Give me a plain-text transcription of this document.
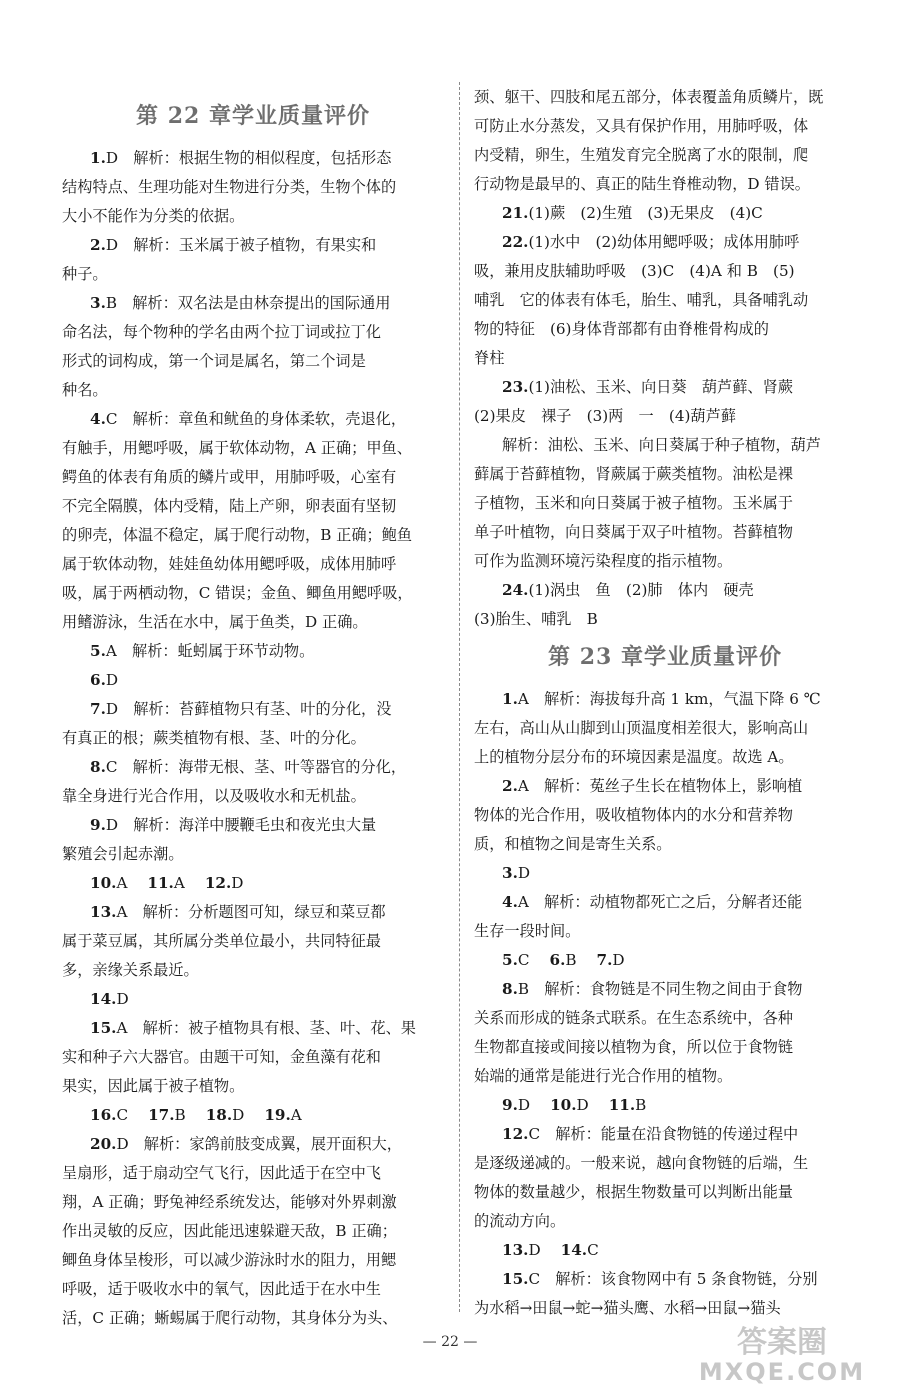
第 22 章学业质量评价
1.D　解析：根据生物的相似程度，包括形态
结构特点、生理功能对生物进行分类，生物个体的
大小不能作为分类的依据。
2.D　解析：玉米属于被子植物，有果实和
种子。
3.B　解析：双名法是由林奈提出的国际通用
命名法，每个物种的学名由两个拉丁词或拉丁化
形式的词构成，第一个词是属名，第二个词是
种名。
4.C　解析：章鱼和鱿鱼的身体柔软，壳退化，
有触手，用鳃呼吸，属于软体动物，A 正确；甲鱼、
鳄鱼的体表有角质的鳞片或甲，用肺呼吸，心室有
不完全隔膜，体内受精，陆上产卵，卵表面有坚韧
的卵壳，体温不稳定，属于爬行动物，B 正确；鲍鱼
属于软体动物，娃娃鱼幼体用鳃呼吸，成体用肺呼
吸，属于两栖动物，C 错误；金鱼、鲫鱼用鳃呼吸，
用鳍游泳，生活在水中，属于鱼类，D 正确。
5.A　解析：蚯蚓属于环节动物。
6.D
7.D　解析：苔藓植物只有茎、叶的分化，没
有真正的根；蕨类植物有根、茎、叶的分化。
8.C　解析：海带无根、茎、叶等器官的分化，
靠全身进行光合作用，以及吸收水和无机盐。
9.D　解析：海洋中腰鞭毛虫和夜光虫大量
繁殖会引起赤潮。
10.A　 11.A　 12.D
13.A　解析：分析题图可知，绿豆和菜豆都
属于菜豆属，其所属分类单位最小，共同特征最
多，亲缘关系最近。
14.D
15.A　解析：被子植物具有根、茎、叶、花、果
实和种子六大器官。由题干可知，金鱼藻有花和
果实，因此属于被子植物。
16.C　 17.B　 18.D　 19.A
20.D　解析：家鸽前肢变成翼，展开面积大，
呈扇形，适于扇动空气飞行，因此适于在空中飞
翔，A 正确；野兔神经系统发达，能够对外界刺激
作出灵敏的反应，因此能迅速躲避天敌，B 正确；
鲫鱼身体呈梭形，可以减少游泳时水的阻力，用鳃
呼吸，适于吸收水中的氧气，因此适于在水中生
活，C 正确；蜥蜴属于爬行动物，其身体分为头、
颈、躯干、四肢和尾五部分，体表覆盖角质鳞片，既
可防止水分蒸发，又具有保护作用，用肺呼吸，体
内受精，卵生，生殖发育完全脱离了水的限制，爬
行动物是最早的、真正的陆生脊椎动物，D 错误。
21.(1)蕨　(2)生殖　(3)无果皮　(4)C
22.(1)水中　(2)幼体用鳃呼吸；成体用肺呼
吸，兼用皮肤辅助呼吸　(3)C　(4)A 和 B　(5)
哺乳　它的体表有体毛，胎生、哺乳，具备哺乳动
物的特征　(6)身体背部都有由脊椎骨构成的
脊柱
23.(1)油松、玉米、向日葵　葫芦藓、肾蕨
(2)果皮　裸子　(3)两　一　(4)葫芦藓
解析：油松、玉米、向日葵属于种子植物，葫芦
藓属于苔藓植物，肾蕨属于蕨类植物。油松是裸
子植物，玉米和向日葵属于被子植物。玉米属于
单子叶植物，向日葵属于双子叶植物。苔藓植物
可作为监测环境污染程度的指示植物。
24.(1)涡虫　鱼　(2)肺　体内　硬壳
(3)胎生、哺乳　B
第 23 章学业质量评价
1.A　解析：海拔每升高 1 km，气温下降 6 ℃
左右，高山从山脚到山顶温度相差很大，影响高山
上的植物分层分布的环境因素是温度。故选 A。
2.A　解析：菟丝子生长在植物体上，影响植
物体的光合作用，吸收植物体内的水分和营养物
质，和植物之间是寄生关系。
3.D
4.A　解析：动植物都死亡之后，分解者还能
生存一段时间。
5.C　 6.B　 7.D
8.B　解析：食物链是不同生物之间由于食物
关系而形成的链条式联系。在生态系统中，各种
生物都直接或间接以植物为食，所以位于食物链
始端的通常是能进行光合作用的植物。
9.D　 10.D　 11.B
12.C　解析：能量在沿食物链的传递过程中
是逐级递减的。一般来说，越向食物链的后端，生
物体的数量越少，根据生物数量可以判断出能量
的流动方向。
13.D　 14.C
15.C　解析：该食物网中有 5 条食物链，分别
为水稻→田鼠→蛇→猫头鹰、水稻→田鼠→猫头
— 22 —	答案圈
MXQE.COM
